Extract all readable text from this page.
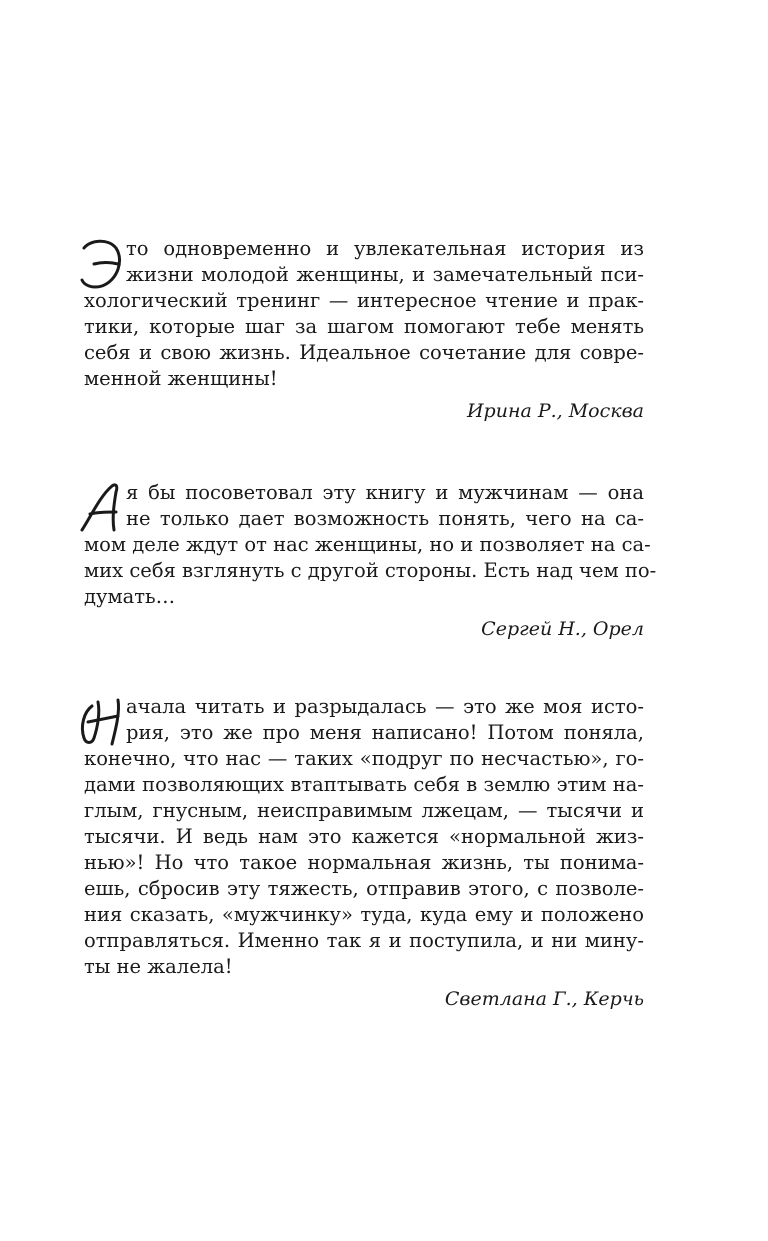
то одновременно и увлекательная история из
жизни молодой женщины, и замечательный пси-
хологический тренинг — интересное чтение и прак-
тики, которые шаг за шагом помогают тебе менять
себя и свою жизнь. Идеальное сочетание для совре-
менной женщины!
Ирина Р., Москва
я бы посоветовал эту книгу и мужчинам — она
не только дает возможность понять, чего на са-
мом деле ждут от нас женщины, но и позволяет на са-
мих себя взглянуть с другой стороны. Есть над чем по-
думать…
Сергей Н., Орел
ачала читать и разрыдалась — это же моя исто-
рия, это же про меня написано! Потом поняла,
конечно, что нас — таких «подруг по несчастью», го-
дами позволяющих втаптывать себя в землю этим на-
глым, гнусным, неисправимым лжецам, — тысячи и
тысячи. И ведь нам это кажется «нормальной жиз-
нью»! Но что такое нормальная жизнь, ты понима-
ешь, сбросив эту тяжесть, отправив этого, с позволе-
ния сказать, «мужчинку» туда, куда ему и положено
отправляться. Именно так я и поступила, и ни мину-
ты не жалела!
Светлана Г., Керчь
